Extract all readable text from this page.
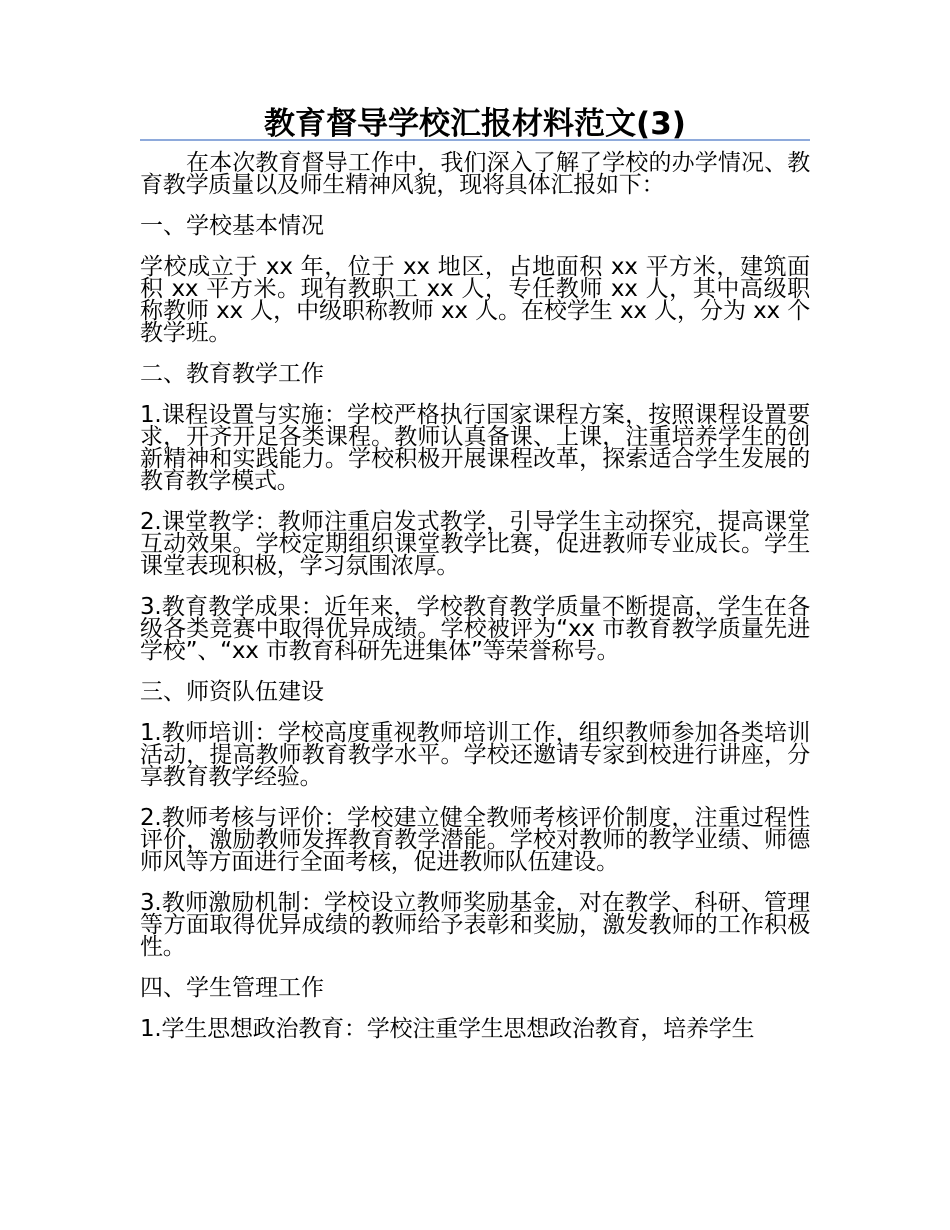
教育督导学校汇报材料范文(3)

在本次教育督导工作中，我们深入了解了学校的办学情况、教育教学质量以及师生精神风貌，现将具体汇报如下：

一、学校基本情况

学校成立于 xx 年，位于 xx 地区，占地面积 xx 平方米，建筑面积 xx 平方米。现有教职工 xx 人，专任教师 xx 人，其中高级职称教师 xx 人，中级职称教师 xx 人。在校学生 xx 人，分为 xx 个教学班。

二、教育教学工作

1.课程设置与实施：学校严格执行国家课程方案，按照课程设置要求，开齐开足各类课程。教师认真备课、上课，注重培养学生的创新精神和实践能力。学校积极开展课程改革，探索适合学生发展的教育教学模式。

2.课堂教学：教师注重启发式教学，引导学生主动探究，提高课堂互动效果。学校定期组织课堂教学比赛，促进教师专业成长。学生课堂表现积极，学习氛围浓厚。

3.教育教学成果：近年来，学校教育教学质量不断提高，学生在各级各类竞赛中取得优异成绩。学校被评为“xx 市教育教学质量先进学校”、“xx 市教育科研先进集体”等荣誉称号。

三、师资队伍建设

1.教师培训：学校高度重视教师培训工作，组织教师参加各类培训活动，提高教师教育教学水平。学校还邀请专家到校进行讲座，分享教育教学经验。

2.教师考核与评价：学校建立健全教师考核评价制度，注重过程性评价，激励教师发挥教育教学潜能。学校对教师的教学业绩、师德师风等方面进行全面考核，促进教师队伍建设。

3.教师激励机制：学校设立教师奖励基金，对在教学、科研、管理等方面取得优异成绩的教师给予表彰和奖励，激发教师的工作积极性。

四、学生管理工作

1.学生思想政治教育：学校注重学生思想政治教育，培养学生
